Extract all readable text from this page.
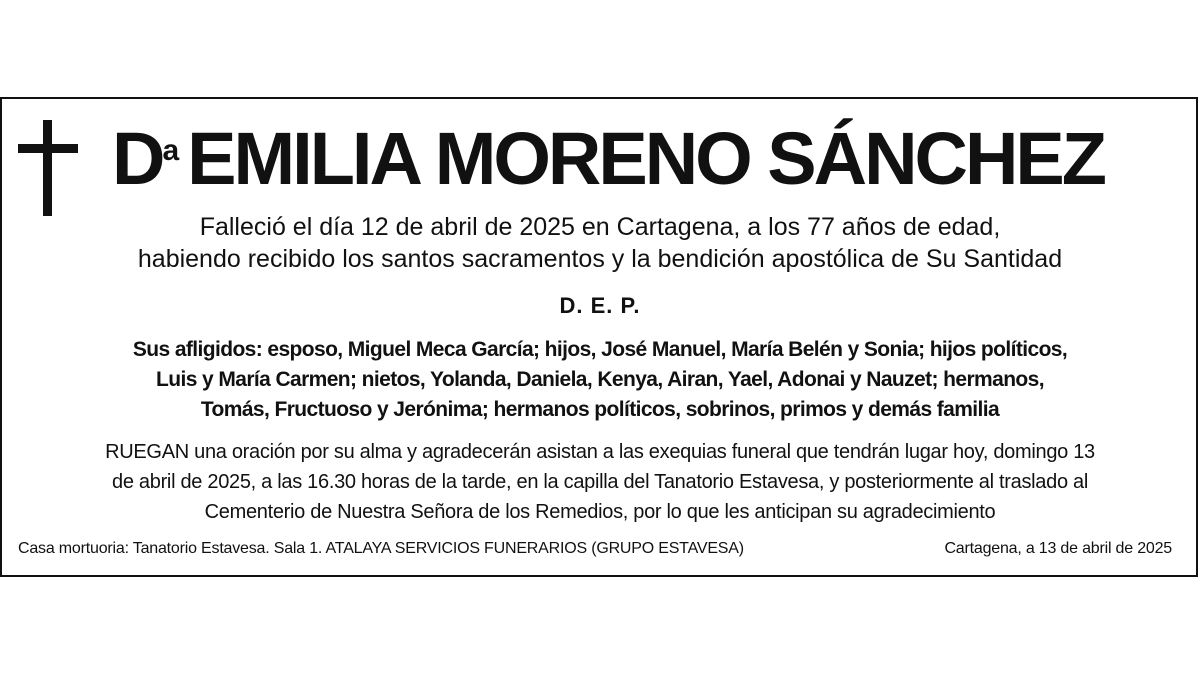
$D^a$ EMILIA MORENO SÁNCHEZ
Falleció el día 12 de abril de 2025 en Cartagena, a los 77 años de edad,
habiendo recibido los santos sacramentos y la bendición apostólica de Su Santidad
D. E. P.
Sus afligidos: esposo, Miguel Meca García; hijos, José Manuel, María Belén y Sonia; hijos políticos,
Luis y María Carmen; nietos, Yolanda, Daniela, Kenya, Airan, Yael, Adonai y Nauzet; hermanos,
Tomás, Fructuoso y Jerónima; hermanos políticos, sobrinos, primos y demás familia
RUEGAN una oración por su alma y agradecerán asistan a las exequias funeral que tendrán lugar hoy, domingo 13
de abril de 2025, a las 16.30 horas de la tarde, en la capilla del Tanatorio Estavesa, y posteriormente al traslado al
Cementerio de Nuestra Señora de los Remedios, por lo que les anticipan su agradecimiento
Casa mortuoria: Tanatorio Estavesa. Sala 1. ATALAYA SERVICIOS FUNERARIOS (GRUPO ESTAVESA)	Cartagena, a 13 de abril de 2025
